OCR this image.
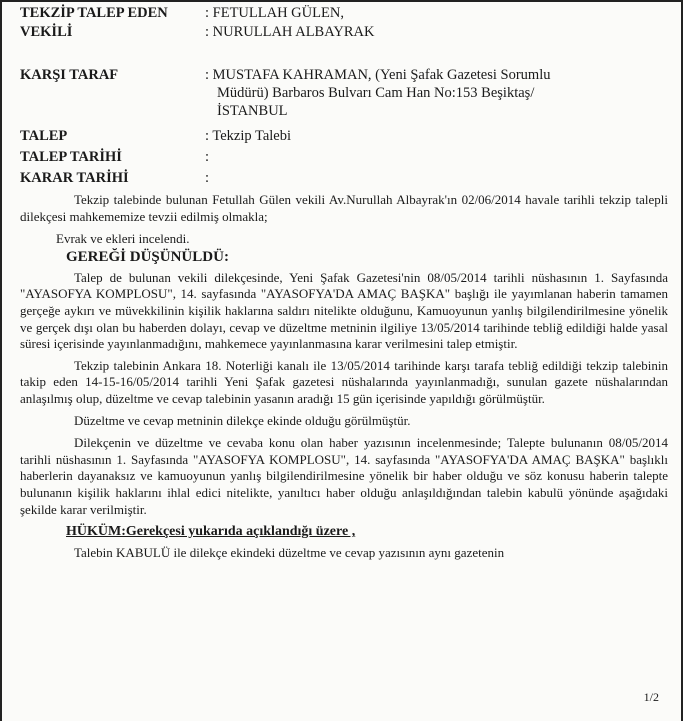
TEKZİP TALEP EDEN	: FETULLAH GÜLEN,
VEKİLİ	: NURULLAH ALBAYRAK
KARŞI TARAF	: MUSTAFA KAHRAMAN, (Yeni Şafak Gazetesi Sorumlu
Müdürü) Barbaros Bulvarı Cam Han No:153 Beşiktaş/
İSTANBUL
TALEP	: Tekzip Talebi
TALEP TARİHİ	:
KARAR TARİHİ	:

Tekzip talebinde bulunan Fetullah Gülen vekili Av.Nurullah Albayrak'ın 02/06/2014 havale tarihli tekzip talepli dilekçesi mahkememize tevzii edilmiş olmakla;

Evrak ve ekleri incelendi.

GEREĞİ DÜŞÜNÜLDÜ:

Talep de bulunan vekili dilekçesinde, Yeni Şafak Gazetesi'nin 08/05/2014 tarihli nüshasının 1. Sayfasında "AYASOFYA KOMPLOSU", 14. sayfasında "AYASOFYA'DA AMAÇ BAŞKA" başlığı ile yayımlanan haberin tamamen gerçeğe aykırı ve müvekkilinin kişilik haklarına saldırı nitelikte olduğunu, Kamuoyunun yanlış bilgilendirilmesine yönelik ve gerçek dışı olan bu haberden dolayı, cevap ve düzeltme metninin ilgiliye 13/05/2014 tarihinde tebliğ edildiği halde yasal süresi içerisinde yayınlanmadığını, mahkemece yayınlanmasına karar verilmesini talep etmiştir.

Tekzip talebinin Ankara 18. Noterliği kanalı ile 13/05/2014 tarihinde karşı tarafa tebliğ edildiği tekzip talebinin takip eden 14-15-16/05/2014 tarihli Yeni Şafak gazetesi nüshalarında yayınlanmadığı, sunulan gazete nüshalarından anlaşılmış olup, düzeltme ve cevap talebinin yasanın aradığı 15 gün içerisinde yapıldığı görülmüştür.

Düzeltme ve cevap metninin dilekçe ekinde olduğu görülmüştür.

Dilekçenin ve düzeltme ve cevaba konu olan haber yazısının incelenmesinde; Talepte bulunanın 08/05/2014 tarihli nüshasının 1. Sayfasında "AYASOFYA KOMPLOSU", 14. sayfasında "AYASOFYA'DA AMAÇ BAŞKA" başlıklı haberlerin dayanaksız ve kamuoyunun yanlış bilgilendirilmesine yönelik bir haber olduğu ve söz konusu haberin talepte bulunanın kişilik haklarını ihlal edici nitelikte, yanıltıcı haber olduğu anlaşıldığından talebin kabulü yönünde aşağıdaki şekilde karar verilmiştir.

HÜKÜM:Gerekçesi yukarıda açıklandığı üzere ,

Talebin KABULÜ ile dilekçe ekindeki düzeltme ve cevap yazısının aynı gazetenin

1/2
